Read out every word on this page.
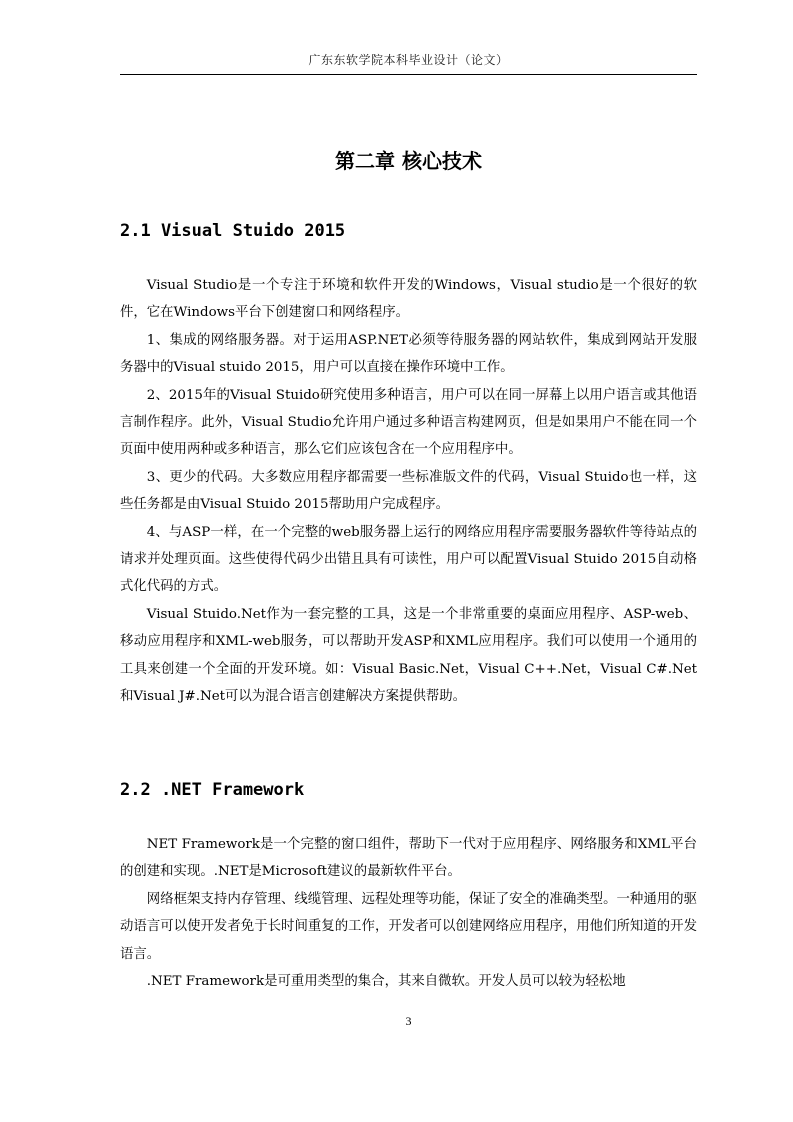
广东东软学院本科毕业设计（论文）
第二章 核心技术
2.1 Visual Stuido 2015

Visual Studio是一个专注于环境和软件开发的Windows，Visual studio是一个很好的软件，它在Windows平台下创建窗口和网络程序。

1、集成的网络服务器。对于运用ASP.NET必须等待服务器的网站软件，集成到网站开发服务器中的Visual stuido 2015，用户可以直接在操作环境中工作。

2、2015年的Visual Stuido研究使用多种语言，用户可以在同一屏幕上以用户语言或其他语言制作程序。此外，Visual Studio允许用户通过多种语言构建网页，但是如果用户不能在同一个页面中使用两种或多种语言，那么它们应该包含在一个应用程序中。

3、更少的代码。大多数应用程序都需要一些标准版文件的代码，Visual Stuido也一样，这些任务都是由Visual Stuido 2015帮助用户完成程序。

4、与ASP一样，在一个完整的web服务器上运行的网络应用程序需要服务器软件等待站点的请求并处理页面。这些使得代码少出错且具有可读性，用户可以配置Visual Stuido 2015自动格式化代码的方式。

Visual Stuido.Net作为一套完整的工具，这是一个非常重要的桌面应用程序、ASP-web、移动应用程序和XML-web服务，可以帮助开发ASP和XML应用程序。我们可以使用一个通用的工具来创建一个全面的开发环境。如：Visual Basic.Net，Visual C++.Net，Visual C#.Net和Visual J#.Net可以为混合语言创建解决方案提供帮助。

2.2 .NET Framework

NET Framework是一个完整的窗口组件，帮助下一代对于应用程序、网络服务和XML平台的创建和实现。.NET是Microsoft建议的最新软件平台。

网络框架支持内存管理、线缆管理、远程处理等功能，保证了安全的准确类型。一种通用的驱动语言可以使开发者免于长时间重复的工作，开发者可以创建网络应用程序，用他们所知道的开发语言。

.NET Framework是可重用类型的集合，其来自微软。开发人员可以较为轻松地

3
